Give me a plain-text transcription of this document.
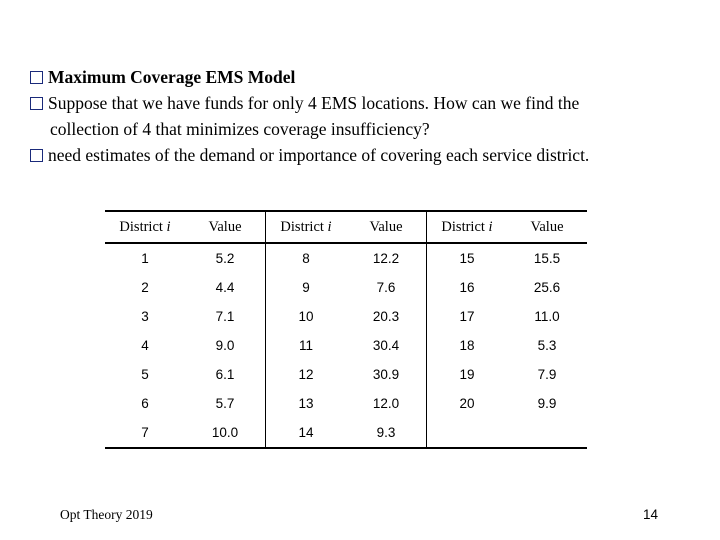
Maximum Coverage EMS Model

Suppose that we have funds for only 4 EMS locations. How can we find the

collection of 4 that minimizes coverage insufficiency?

need estimates of the demand or importance of covering each service district.

District i	Value	District i	Value	District i	Value
1	5.2	8	12.2	15	15.5
2	4.4	9	7.6	16	25.6
3	7.1	10	20.3	17	11.0
4	9.0	11	30.4	18	5.3
5	6.1	12	30.9	19	7.9
6	5.7	13	12.0	20	9.9
7	10.0	14	9.3		
Opt Theory 2019	14
